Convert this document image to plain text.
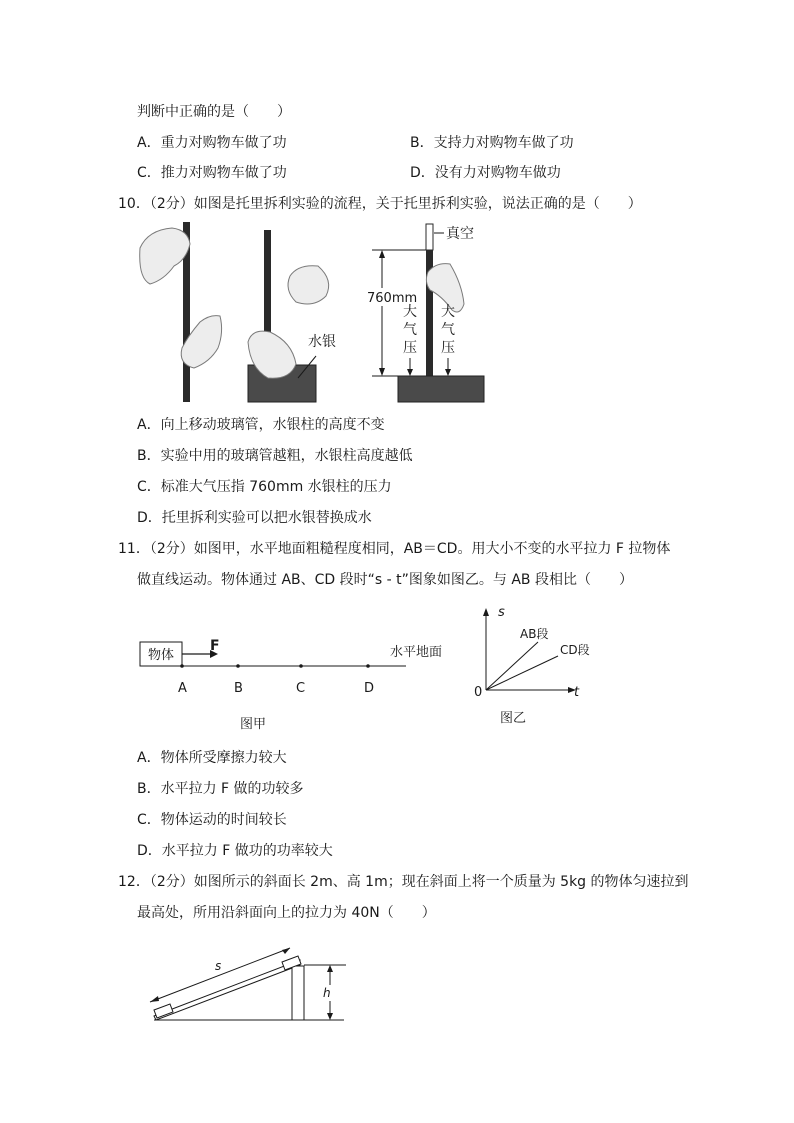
判断中正确的是（　　）
A．重力对购物车做了功	B．支持力对购物车做了功
C．推力对购物车做了功	D．没有力对购物车做功
10．（2分）如图是托里拆利实验的流程，关于托里拆利实验，说法正确的是（　　）
水银
真空
760mm
大
气
压
大
气
压
A．向上移动玻璃管，水银柱的高度不变
B．实验中用的玻璃管越粗，水银柱高度越低
C．标准大气压指 760mm 水银柱的压力
D．托里拆利实验可以把水银替换成水
11．（2分）如图甲，水平地面粗糙程度相同，AB＝CD。用大小不变的水平拉力 F 拉物体
做直线运动。物体通过 AB、CD 段时“s - t”图象如图乙。与 AB 段相比（　　）
物体
F	水平地面
A	B	C	D
图甲
s
t
0
AB段
CD段
图乙
A．物体所受摩擦力较大
B．水平拉力 F 做的功较多
C．物体运动的时间较长
D．水平拉力 F 做功的功率较大
12．（2分）如图所示的斜面长 2m、高 1m；现在斜面上将一个质量为 5kg 的物体匀速拉到
最高处，所用沿斜面向上的拉力为 40N（　　）
s
h
